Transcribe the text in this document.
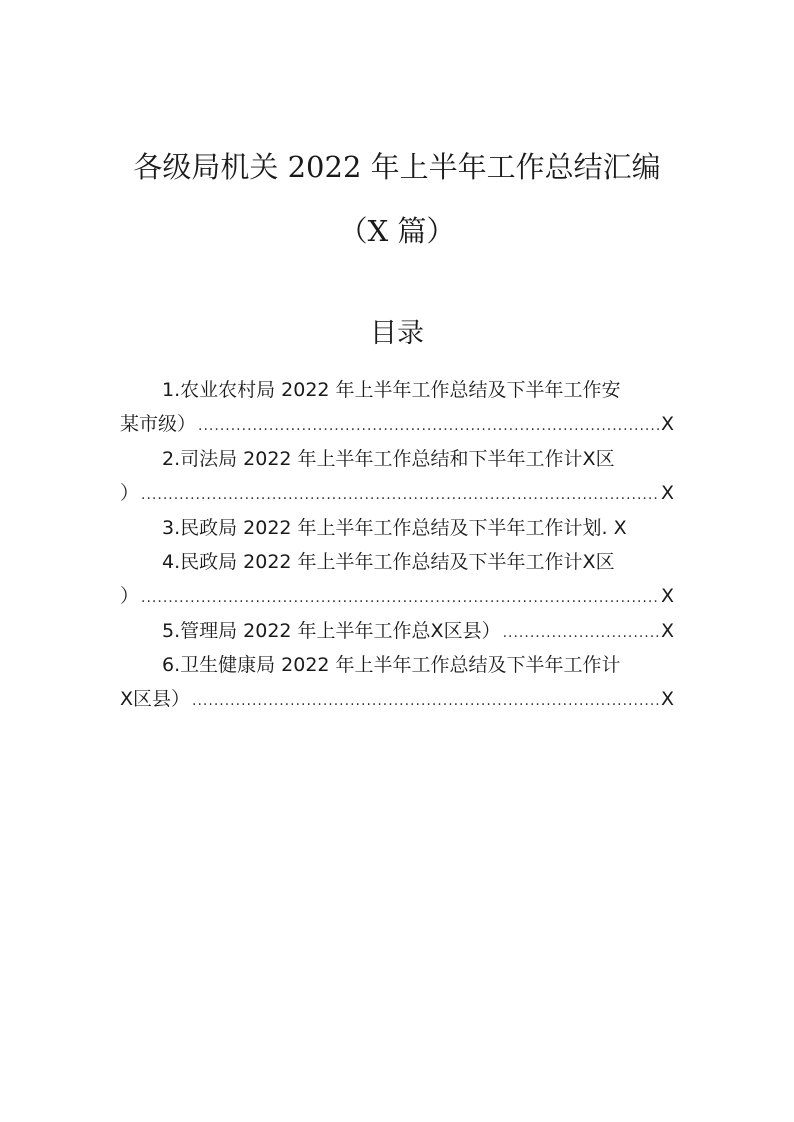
各级局机关 2022 年上半年工作总结汇编
（X 篇）
目录
1.农业农村局 2022 年上半年工作总结及下半年工作安
某市级） .....	X
2.司法局 2022 年上半年工作总结和下半年工作计X区
） .....	X
3.民政局 2022 年上半年工作总结及下半年工作计划. X
4.民政局 2022 年上半年工作总结及下半年工作计X区
） .....	X
5.管理局 2022 年上半年工作总X区县） .....	X
6.卫生健康局 2022 年上半年工作总结及下半年工作计
X区县） .....	X
